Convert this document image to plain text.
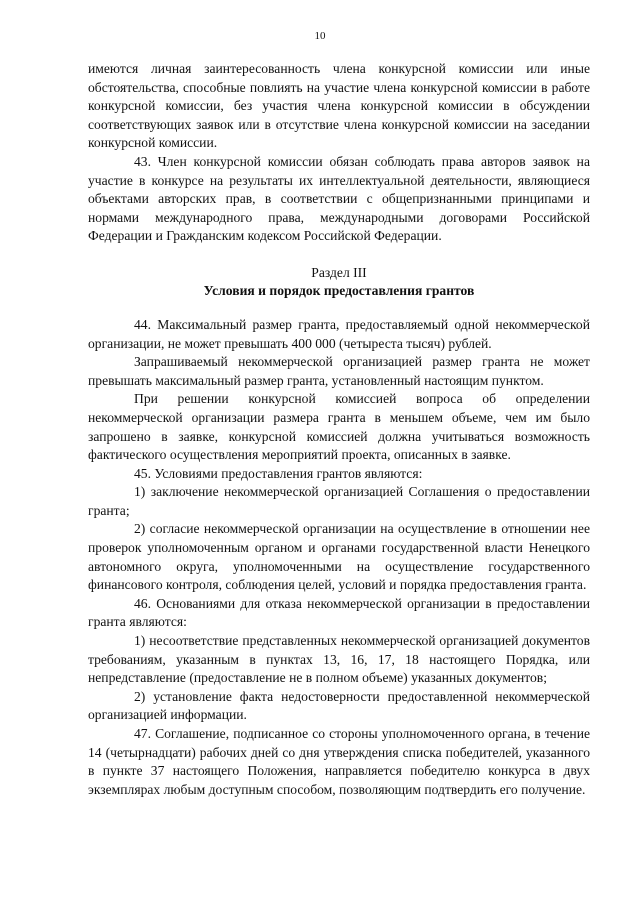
10

имеются личная заинтересованность члена конкурсной комиссии или иные обстоятельства, способные повлиять на участие члена конкурсной комиссии в работе конкурсной комиссии, без участия члена конкурсной комиссии в обсуждении соответствующих заявок или в отсутствие члена конкурсной комиссии на заседании конкурсной комиссии.

43. Член конкурсной комиссии обязан соблюдать права авторов заявок на участие в конкурсе на результаты их интеллектуальной деятельности, являющиеся объектами авторских прав, в соответствии с общепризнанными принципами и нормами международного права, международными договорами Российской Федерации и Гражданским кодексом Российской Федерации.

Раздел III
Условия и порядок предоставления грантов

44. Максимальный размер гранта, предоставляемый одной некоммерческой организации, не может превышать 400 000 (четыреста тысяч) рублей.

Запрашиваемый некоммерческой организацией размер гранта не может превышать максимальный размер гранта, установленный настоящим пунктом.

При решении конкурсной комиссией вопроса об определении некоммерческой организации размера гранта в меньшем объеме, чем им было запрошено в заявке, конкурсной комиссией должна учитываться возможность фактического осуществления мероприятий проекта, описанных в заявке.

45. Условиями предоставления грантов являются:

1) заключение некоммерческой организацией Соглашения о предоставлении гранта;

2) согласие некоммерческой организации на осуществление в отношении нее проверок уполномоченным органом и органами государственной власти Ненецкого автономного округа, уполномоченными на осуществление государственного финансового контроля, соблюдения целей, условий и порядка предоставления гранта.

46. Основаниями для отказа некоммерческой организации в предоставлении гранта являются:

1) несоответствие представленных некоммерческой организацией документов требованиям, указанным в пунктах 13, 16, 17, 18 настоящего Порядка, или непредставление (предоставление не в полном объеме) указанных документов;

2) установление факта недостоверности предоставленной некоммерческой организацией информации.

47. Соглашение, подписанное со стороны уполномоченного органа, в течение 14 (четырнадцати) рабочих дней со дня утверждения списка победителей, указанного в пункте 37 настоящего Положения, направляется победителю конкурса в двух экземплярах любым доступным способом, позволяющим подтвердить его получение.
